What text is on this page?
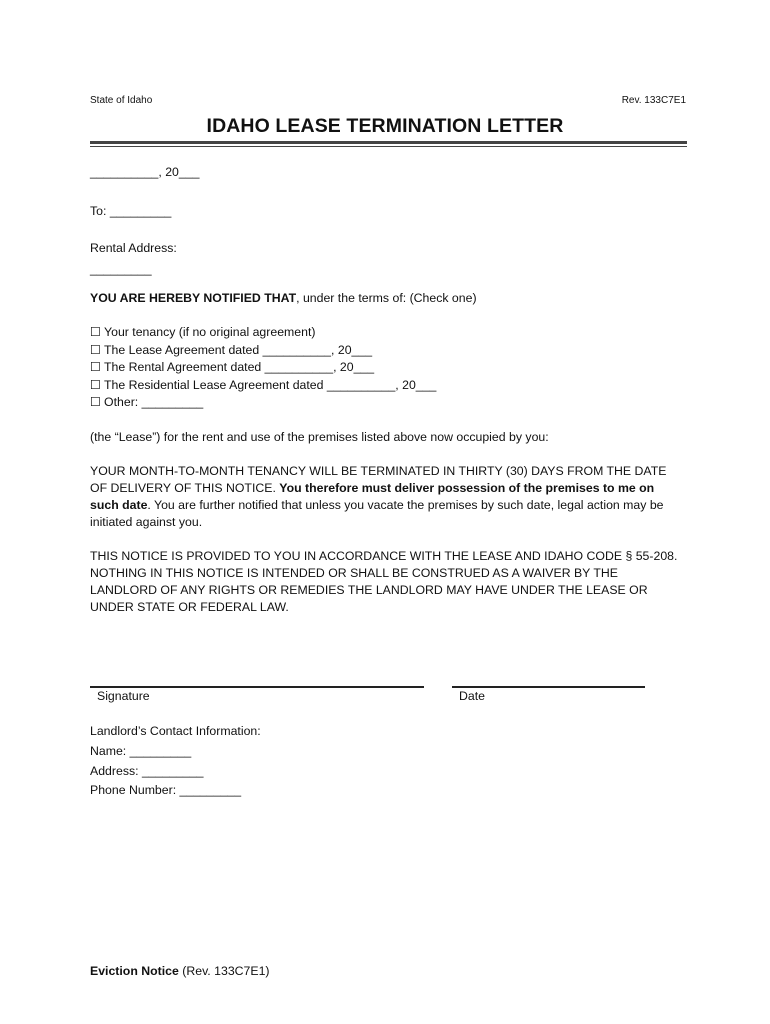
State of Idaho	Rev. 133C7E1
IDAHO LEASE TERMINATION LETTER
__________, 20___
To: _________
Rental Address:
_________
YOU ARE HEREBY NOTIFIED THAT, under the terms of: (Check one)
☐ Your tenancy (if no original agreement)
☐ The Lease Agreement dated __________, 20___
☐ The Rental Agreement dated __________, 20___
☐ The Residential Lease Agreement dated __________, 20___
☐ Other: _________
(the “Lease”) for the rent and use of the premises listed above now occupied by you:
YOUR MONTH-TO-MONTH TENANCY WILL BE TERMINATED IN THIRTY (30) DAYS FROM THE DATE OF DELIVERY OF THIS NOTICE. You therefore must deliver possession of the premises to me on such date. You are further notified that unless you vacate the premises by such date, legal action may be initiated against you.
THIS NOTICE IS PROVIDED TO YOU IN ACCORDANCE WITH THE LEASE AND IDAHO CODE § 55-208. NOTHING IN THIS NOTICE IS INTENDED OR SHALL BE CONSTRUED AS A WAIVER BY THE LANDLORD OF ANY RIGHTS OR REMEDIES THE LANDLORD MAY HAVE UNDER THE LEASE OR UNDER STATE OR FEDERAL LAW.
Signature	Date
Landlord’s Contact Information:
Name: _________
Address: _________
Phone Number: _________
Eviction Notice (Rev. 133C7E1)
